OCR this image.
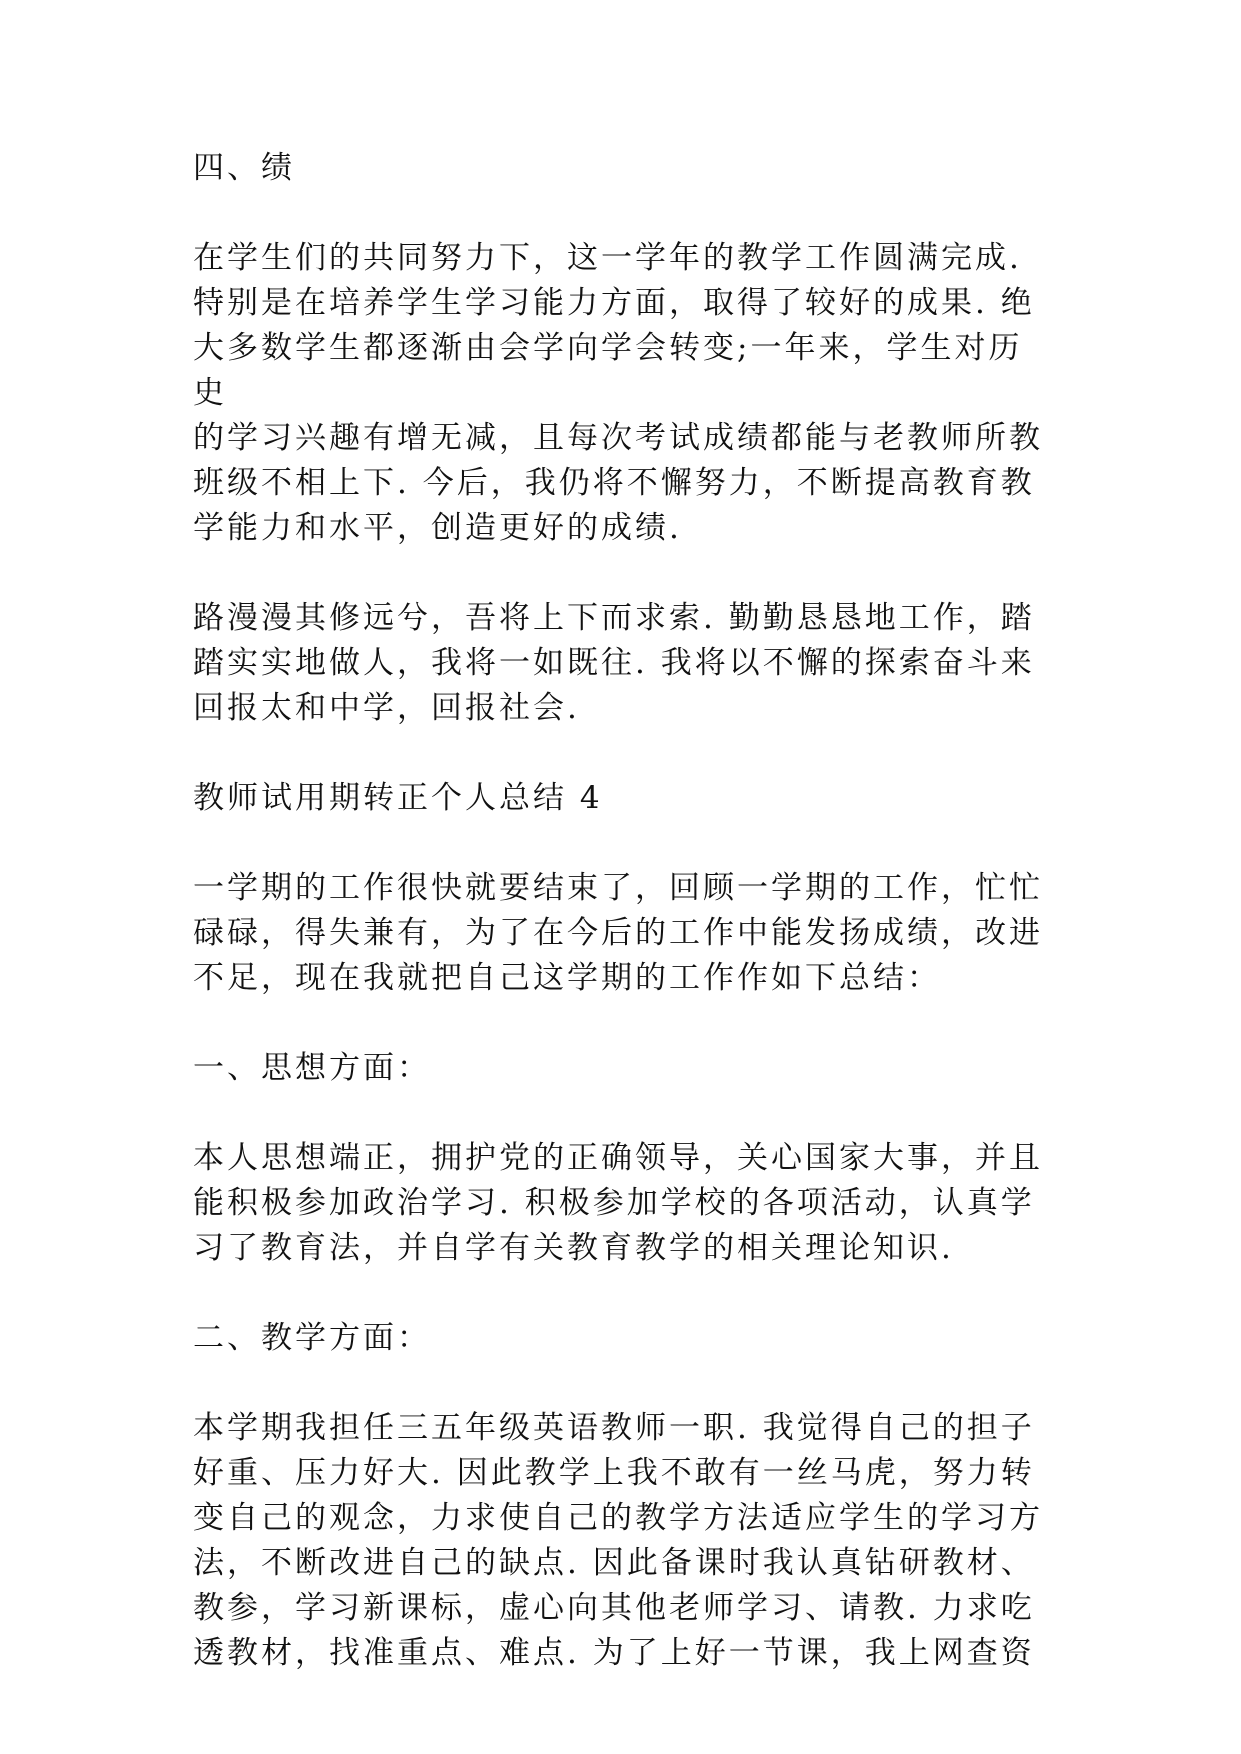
四、绩

在学生们的共同努力下，这一学年的教学工作圆满完成.
特别是在培养学生学习能力方面，取得了较好的成果. 绝
大多数学生都逐渐由会学向学会转变;一年来，学生对历史
的学习兴趣有增无减，且每次考试成绩都能与老教师所教
班级不相上下. 今后，我仍将不懈努力，不断提高教育教
学能力和水平，创造更好的成绩.

路漫漫其修远兮，吾将上下而求索. 勤勤恳恳地工作，踏
踏实实地做人，我将一如既往. 我将以不懈的探索奋斗来
回报太和中学，回报社会.

教师试用期转正个人总结 4

一学期的工作很快就要结束了，回顾一学期的工作，忙忙
碌碌，得失兼有，为了在今后的工作中能发扬成绩，改进
不足，现在我就把自己这学期的工作作如下总结：

一、思想方面：

本人思想端正，拥护党的正确领导，关心国家大事，并且
能积极参加政治学习. 积极参加学校的各项活动，认真学
习了教育法，并自学有关教育教学的相关理论知识.

二、教学方面：

本学期我担任三五年级英语教师一职. 我觉得自己的担子
好重、压力好大. 因此教学上我不敢有一丝马虎，努力转
变自己的观念，力求使自己的教学方法适应学生的学习方
法，不断改进自己的缺点. 因此备课时我认真钻研教材、
教参，学习新课标，虚心向其他老师学习、请教. 力求吃
透教材，找准重点、难点. 为了上好一节课，我上网查资
